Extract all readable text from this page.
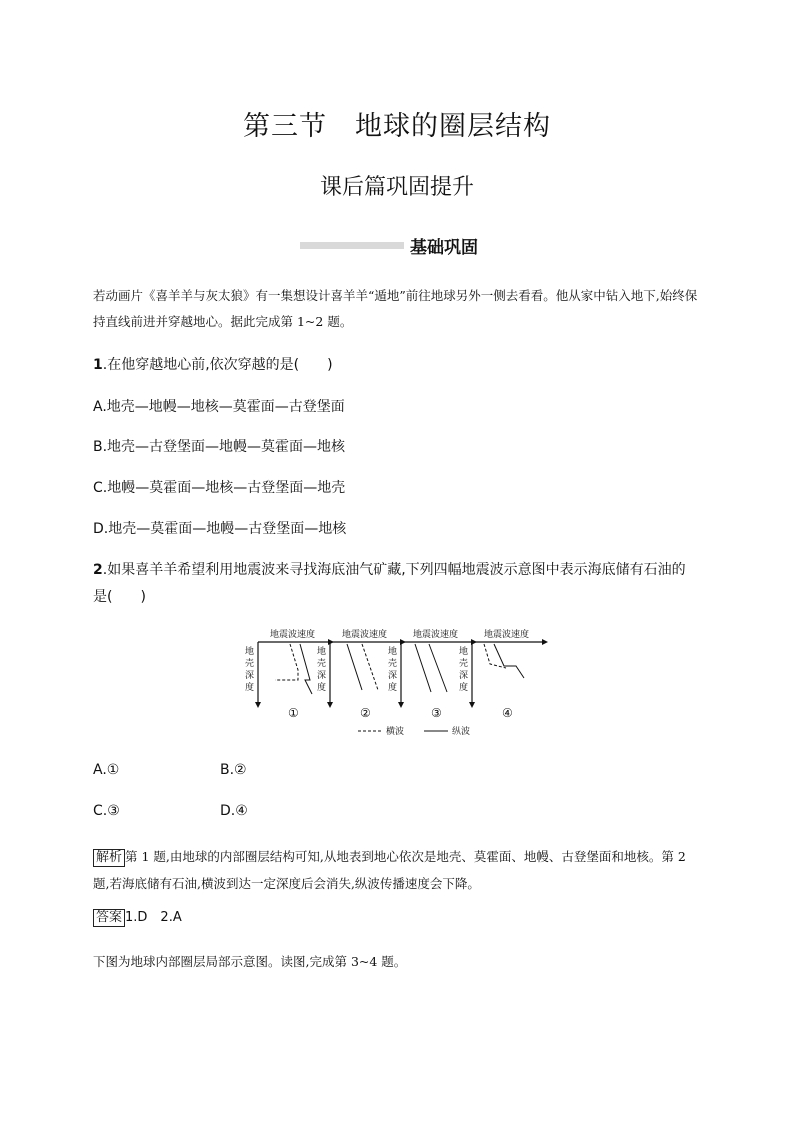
第三节　地球的圈层结构
课后篇巩固提升
基础巩固
若动画片《喜羊羊与灰太狼》有一集想设计喜羊羊“遁地”前往地球另外一侧去看看。他从家中钻入地下,始终保持直线前进并穿越地心。据此完成第 1~2 题。
1.在他穿越地心前,依次穿越的是(　　)
A.地壳—地幔—地核—莫霍面—古登堡面
B.地壳—古登堡面—地幔—莫霍面—地核
C.地幔—莫霍面—地核—古登堡面—地壳
D.地壳—莫霍面—地幔—古登堡面—地核
2.如果喜羊羊希望利用地震波来寻找海底油气矿藏,下列四幅地震波示意图中表示海底储有石油的
是(　　)
地震波速度
地
壳
深
度
①
地震波速度
地
壳
深
度
②
地震波速度
地
壳
深
度
③
地震波速度
地
壳
深
度
④
横波	纵波
A.①	B.②
C.③	D.④
解析 第 1 题,由地球的内部圈层结构可知,从地表到地心依次是地壳、莫霍面、地幔、古登堡面和地核。第 2 题,若海底储有石油,横波到达一定深度后会消失,纵波传播速度会下降。
答案 1.D　2.A
下图为地球内部圈层局部示意图。读图,完成第 3~4 题。
